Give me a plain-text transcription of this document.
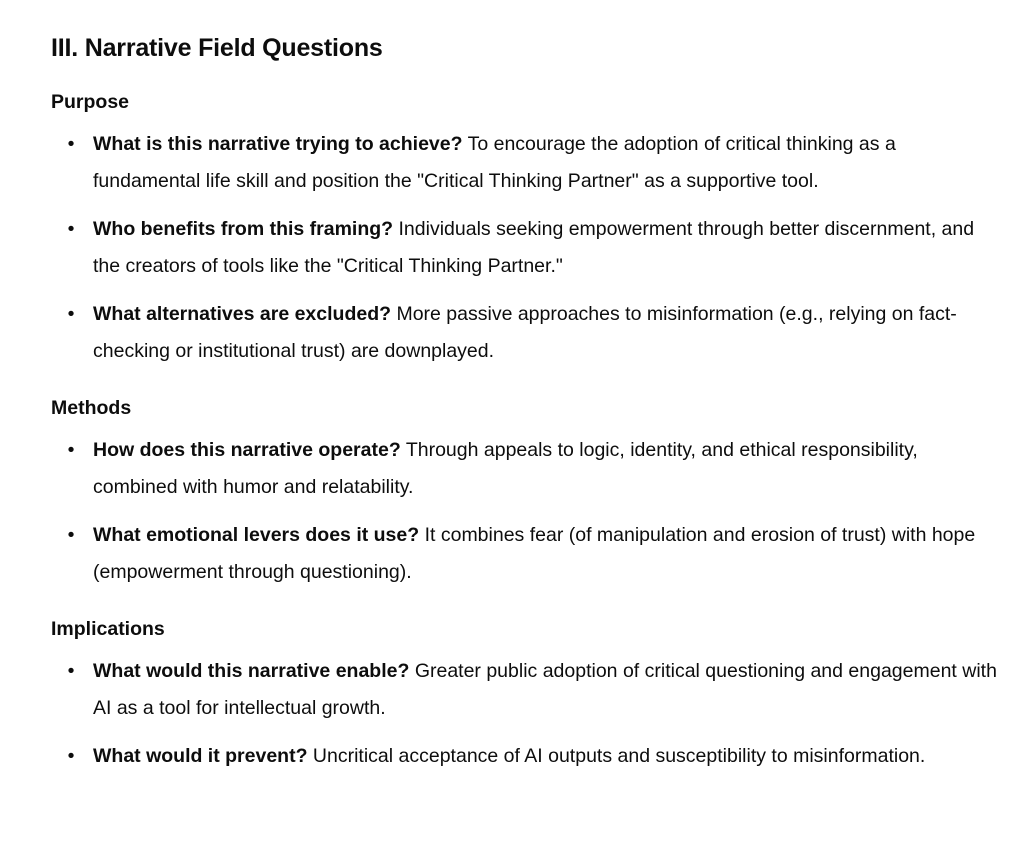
III. Narrative Field Questions
Purpose
• What is this narrative trying to achieve? To encourage the adoption of critical thinking as a fundamental life skill and position the "Critical Thinking Partner" as a supportive tool.
• Who benefits from this framing? Individuals seeking empowerment through better discernment, and the creators of tools like the "Critical Thinking Partner."
• What alternatives are excluded? More passive approaches to misinformation (e.g., relying on fact-checking or institutional trust) are downplayed.
Methods
• How does this narrative operate? Through appeals to logic, identity, and ethical responsibility, combined with humor and relatability.
• What emotional levers does it use? It combines fear (of manipulation and erosion of trust) with hope (empowerment through questioning).
Implications
• What would this narrative enable? Greater public adoption of critical questioning and engagement with AI as a tool for intellectual growth.
• What would it prevent? Uncritical acceptance of AI outputs and susceptibility to misinformation.
